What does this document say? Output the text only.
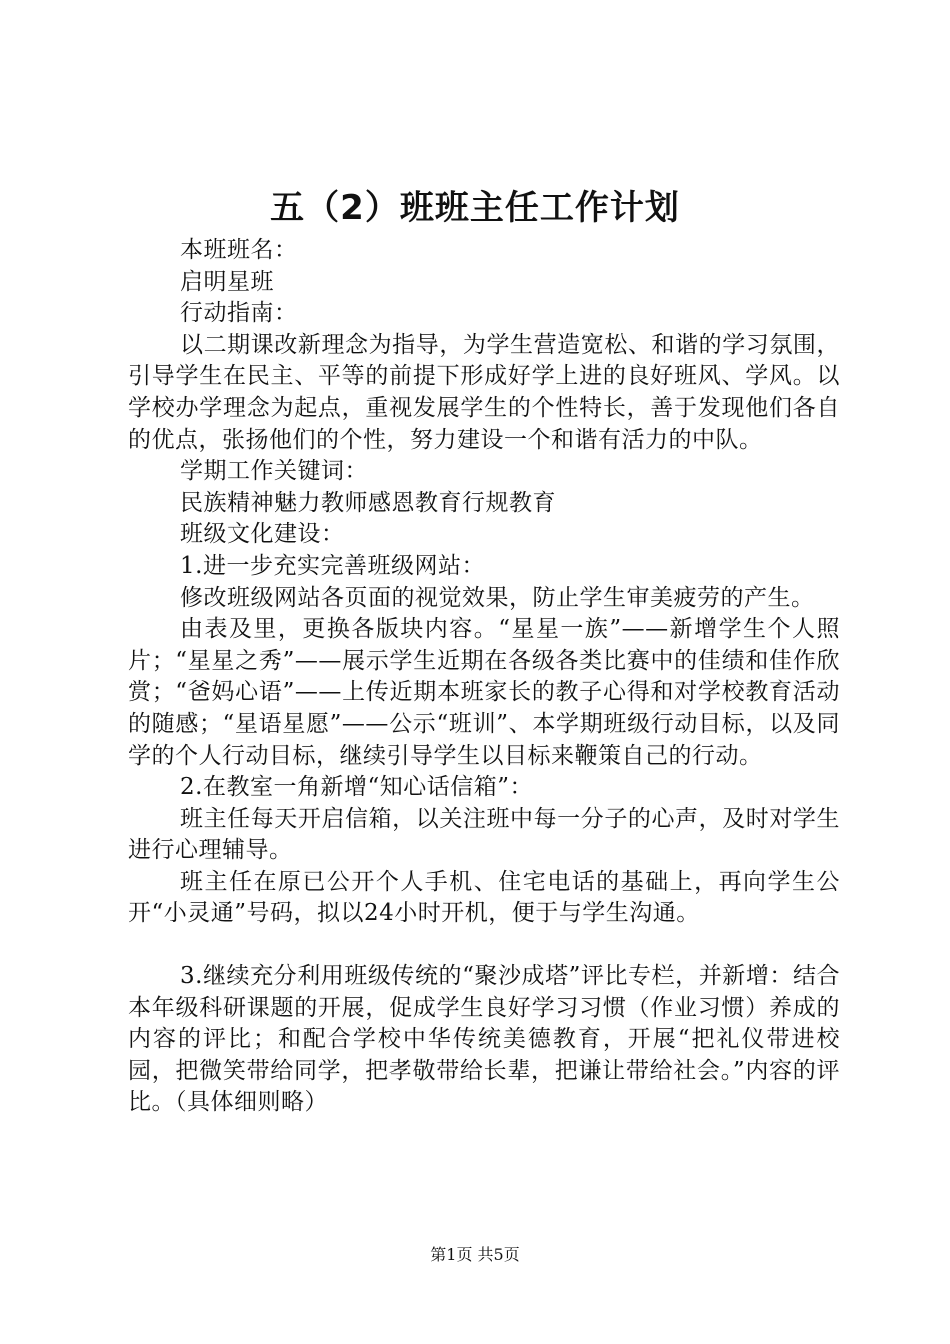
五（2）班班主任工作计划

本班班名：

启明星班

行动指南：

以二期课改新理念为指导，为学生营造宽松、和谐的学习氛围，引导学生在民主、平等的前提下形成好学上进的良好班风、学风。以学校办学理念为起点，重视发展学生的个性特长，善于发现他们各自的优点，张扬他们的个性，努力建设一个和谐有活力的中队。

学期工作关键词：

民族精神魅力教师感恩教育行规教育

班级文化建设：

1.进一步充实完善班级网站：

修改班级网站各页面的视觉效果，防止学生审美疲劳的产生。

由表及里，更换各版块内容。“星星一族”——新增学生个人照片；“星星之秀”——展示学生近期在各级各类比赛中的佳绩和佳作欣赏；“爸妈心语”——上传近期本班家长的教子心得和对学校教育活动的随感；“星语星愿”——公示“班训”、本学期班级行动目标，以及同学的个人行动目标，继续引导学生以目标来鞭策自己的行动。

2.在教室一角新增“知心话信箱”：

班主任每天开启信箱，以关注班中每一分子的心声，及时对学生进行心理辅导。

班主任在原已公开个人手机、住宅电话的基础上，再向学生公开“小灵通”号码，拟以24小时开机，便于与学生沟通。

3.继续充分利用班级传统的“聚沙成塔”评比专栏，并新增：结合本年级科研课题的开展，促成学生良好学习习惯（作业习惯）养成的内容的评比；和配合学校中华传统美德教育，开展“把礼仪带进校园，把微笑带给同学，把孝敬带给长辈，把谦让带给社会。”内容的评比。（具体细则略）

第1页 共5页
